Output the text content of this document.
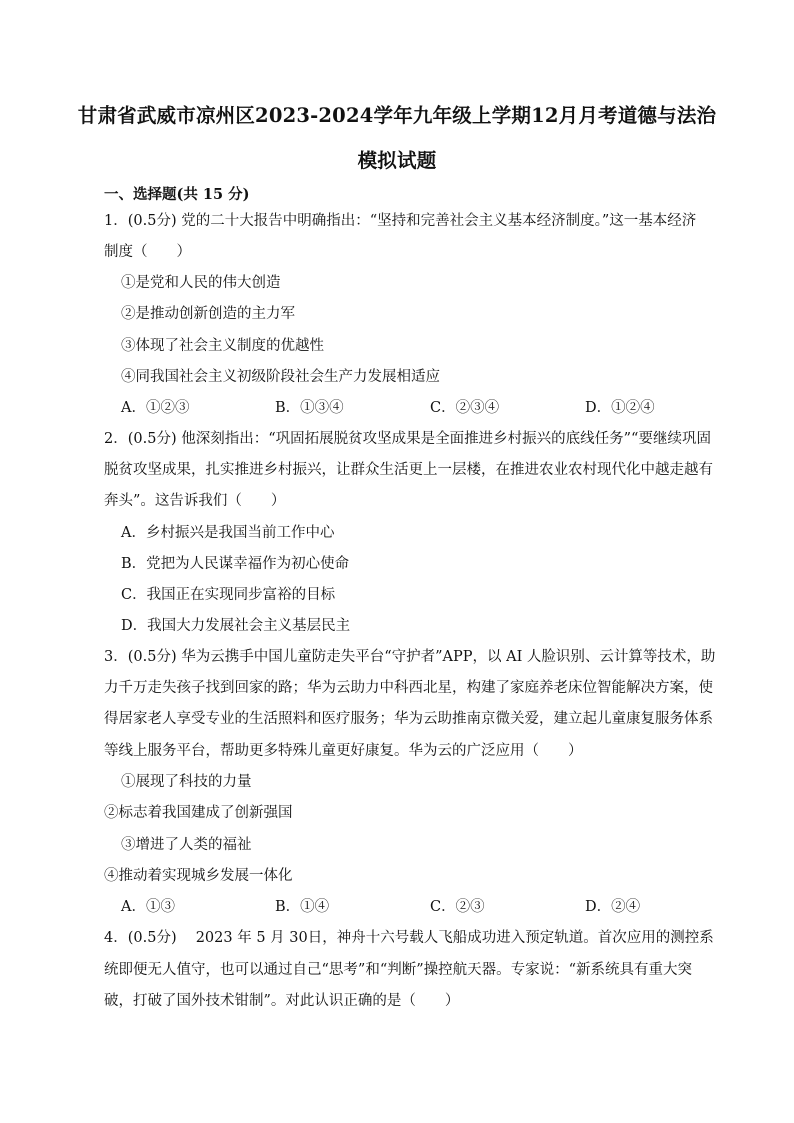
甘肃省武威市凉州区2023-2024学年九年级上学期12月月考道德与法治
模拟试题
一、选择题(共 15 分)
1．(0.5分) 党的二十大报告中明确指出：“坚持和完善社会主义基本经济制度。”这一基本经济
制度（　　）
①是党和人民的伟大创造
②是推动创新创造的主力军
③体现了社会主义制度的优越性
④同我国社会主义初级阶段社会生产力发展相适应
A．①②③	B．①③④	C．②③④	D．①②④
2．(0.5分) 他深刻指出：“巩固拓展脱贫攻坚成果是全面推进乡村振兴的底线任务”“要继续巩固
脱贫攻坚成果，扎实推进乡村振兴，让群众生活更上一层楼，在推进农业农村现代化中越走越有
奔头”。这告诉我们（　　）
A．乡村振兴是我国当前工作中心
B．党把为人民谋幸福作为初心使命
C．我国正在实现同步富裕的目标
D．我国大力发展社会主义基层民主
3．(0.5分) 华为云携手中国儿童防走失平台“守护者”APP，以 AI 人脸识别、云计算等技术，助
力千万走失孩子找到回家的路；华为云助力中科西北星，构建了家庭养老床位智能解决方案，使
得居家老人享受专业的生活照料和医疗服务；华为云助推南京微关爱，建立起儿童康复服务体系
等线上服务平台，帮助更多特殊儿童更好康复。华为云的广泛应用（　　）
①展现了科技的力量
②标志着我国建成了创新强国
③增进了人类的福祉
④推动着实现城乡发展一体化
A．①③	B．①④	C．②③	D．②④
4．(0.5分)　 2023 年 5 月 30日，神舟十六号载人飞船成功进入预定轨道。首次应用的测控系
统即便无人值守，也可以通过自己“思考”和“判断”操控航天器。专家说：“新系统具有重大突
破，打破了国外技术钳制”。对此认识正确的是（　　）
